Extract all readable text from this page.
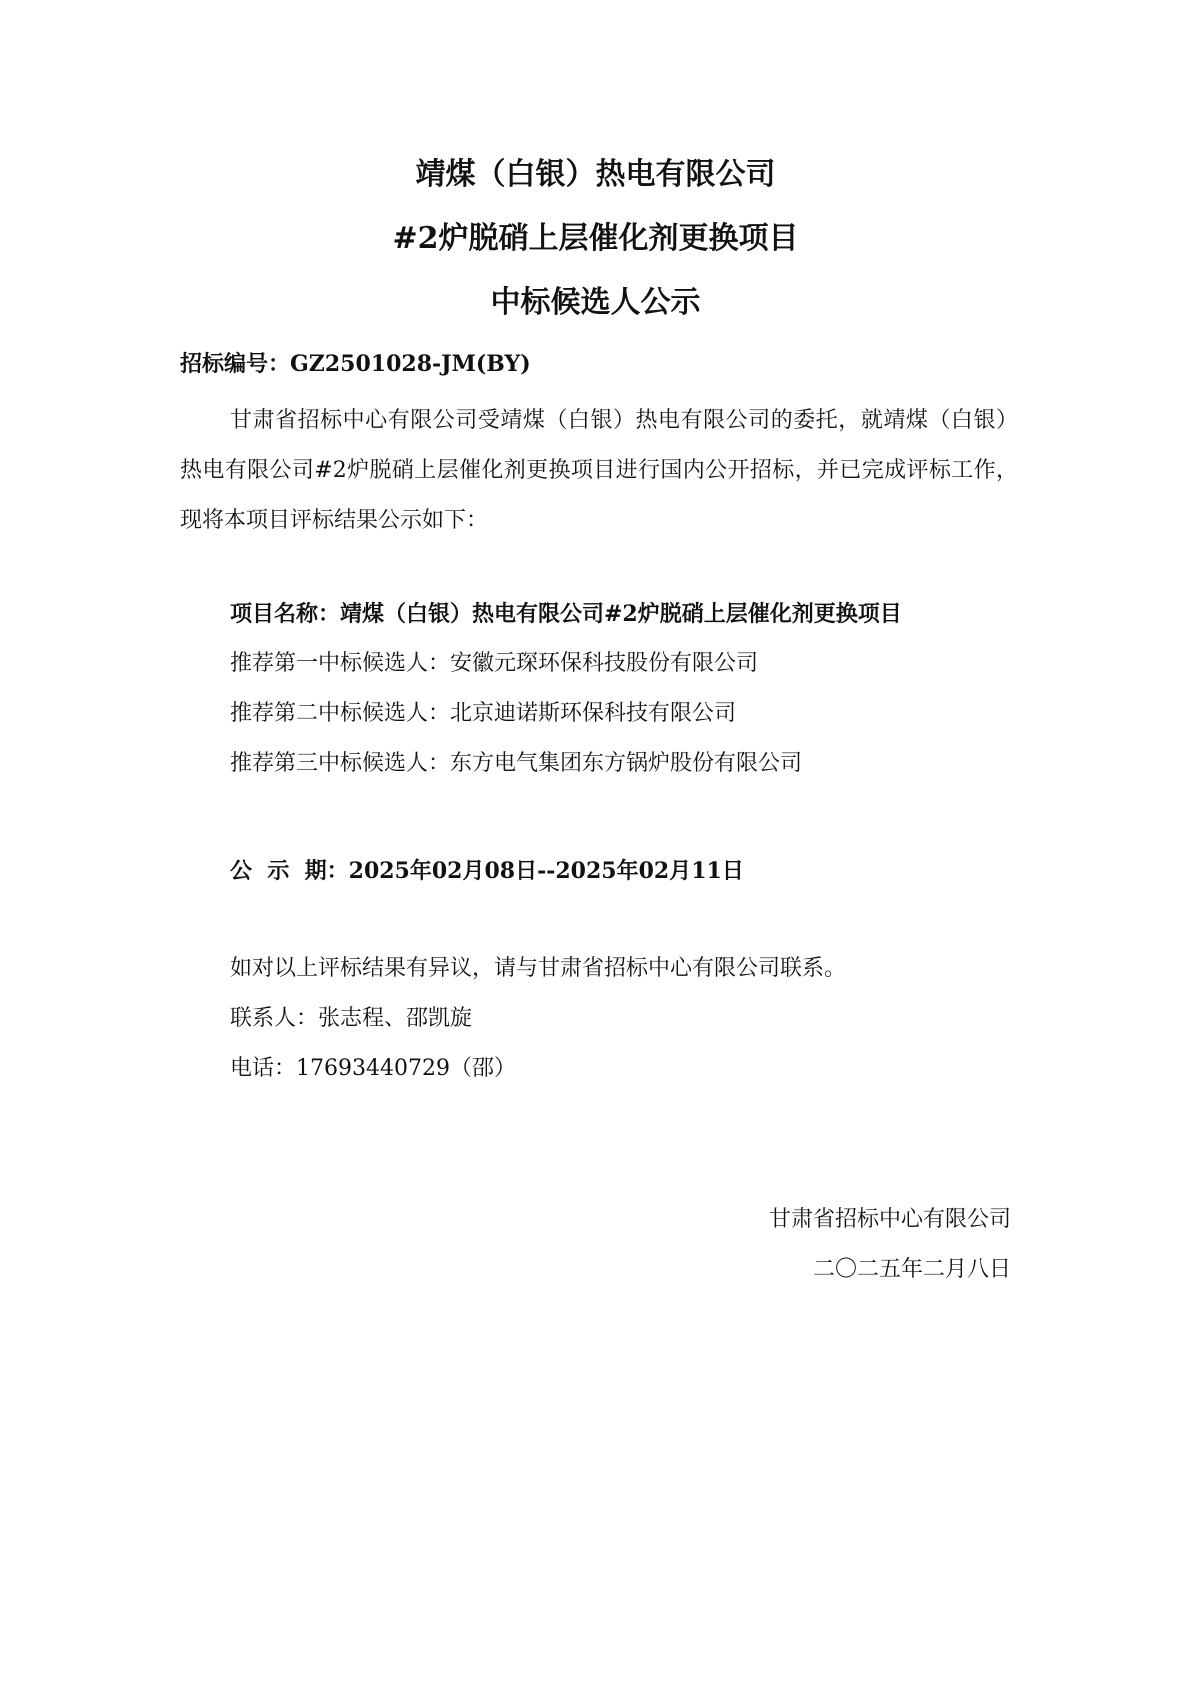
靖煤（白银）热电有限公司
#2炉脱硝上层催化剂更换项目
中标候选人公示

招标编号：GZ2501028-JM(BY)

甘肃省招标中心有限公司受靖煤（白银）热电有限公司的委托，就靖煤（白银）热电有限公司#2炉脱硝上层催化剂更换项目进行国内公开招标，并已完成评标工作，现将本项目评标结果公示如下：

项目名称：靖煤（白银）热电有限公司#2炉脱硝上层催化剂更换项目

推荐第一中标候选人：安徽元琛环保科技股份有限公司

推荐第二中标候选人：北京迪诺斯环保科技有限公司

推荐第三中标候选人：东方电气集团东方锅炉股份有限公司

公  示  期：2025年02月08日--2025年02月11日

如对以上评标结果有异议，请与甘肃省招标中心有限公司联系。

联系人：张志程、邵凯旋

电话：17693440729（邵）

甘肃省招标中心有限公司

二〇二五年二月八日
